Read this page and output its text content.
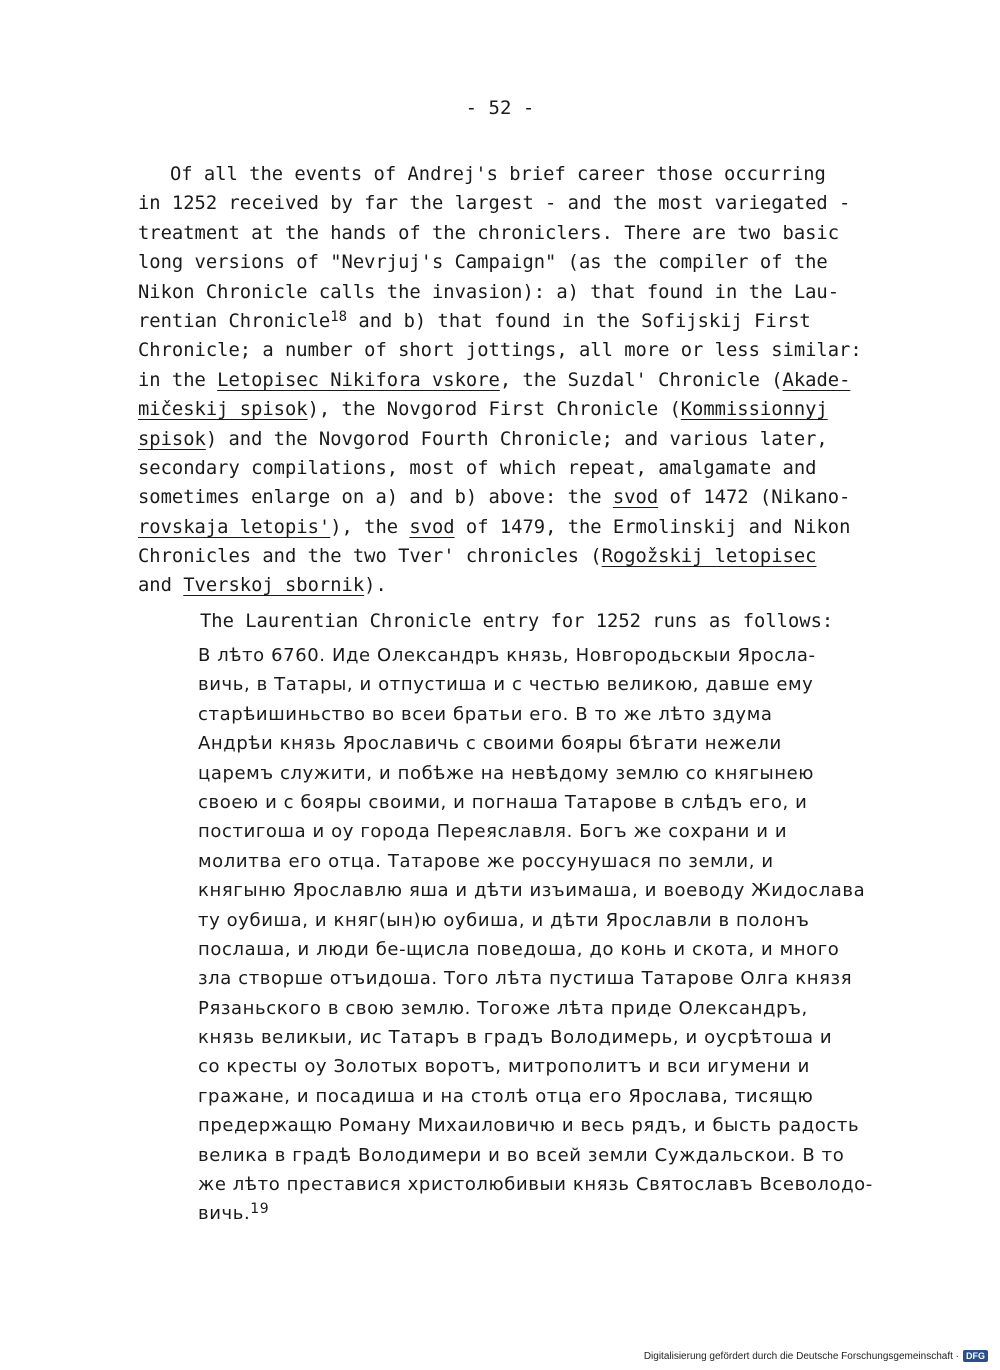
- 52 -
Of all the events of Andrej's brief career those occurring
in 1252 received by far the largest - and the most variegated -
treatment at the hands of the chroniclers. There are two basic
long versions of "Nevrjuj's Campaign" (as the compiler of the
Nikon Chronicle calls the invasion): a) that found in the Lau-
rentian Chronicle$^{18}$ and b) that found in the Sofijskij First
Chronicle; a number of short jottings, all more or less similar:
in the Letopisec Nikifora vskore, the Suzdal' Chronicle (Akade-
mičeskij spisok), the Novgorod First Chronicle (Kommissionnyj
spisok) and the Novgorod Fourth Chronicle; and various later,
secondary compilations, most of which repeat, amalgamate and
sometimes enlarge on a) and b) above: the svod of 1472 (Nikano-
rovskaja letopis'), the svod of 1479, the Ermolinskij and Nikon
Chronicles and the two Tver' chronicles (Rogožskij letopisec
and Tverskoj sbornik).
The Laurentian Chronicle entry for 1252 runs as follows:
В лѣто 6760. Иде Олександръ князь, Новгородьскыи Яросла-
вичь, в Татары, и отпустиша и с честью великою, давше ему
старѣишиньство во всеи братьи его. В то же лѣто здума
Андрѣи князь Ярославичь с своими бояры бѣгати нежели
царемъ служити, и побѣже на невѣдому землю со княгынею
своею и с бояры своими, и погнаша Татарове в слѣдъ его, и
постигоша и оу города Переяславля. Богъ же сохрани и и
молитва его отца. Татарове же россунушася по земли, и
княгыню Ярославлю яша и дѣти изъимаша, и воеводу Жидослава
ту оубиша, и княг(ын)ю оубиша, и дѣти Ярославли в полонъ
послаша, и люди бе-щисла поведоша, до конь и скота, и много
зла створше отъидоша. Того лѣта пустиша Татарове Олга князя
Рязаньского в свою землю. Тогоже лѣта приде Олександръ,
князь великыи, ис Татаръ в градъ Володимерь, и оусрѣтоша и
со кресты оу Золотых воротъ, митрополитъ и вси игумени и
гражане, и посадиша и на столѣ отца его Ярослава, тисящю
предержащю Роману Михаиловичю и весь рядъ, и бысть радость
велика в градѣ Володимери и во всей земли Суждальскои. В то
же лѣто преставися христолюбивыи князь Святославъ Всеволодо-
вичь.$^{19}$
Digitalisierung gefördert durch die Deutsche Forschungsgemeinschaft · DFG
